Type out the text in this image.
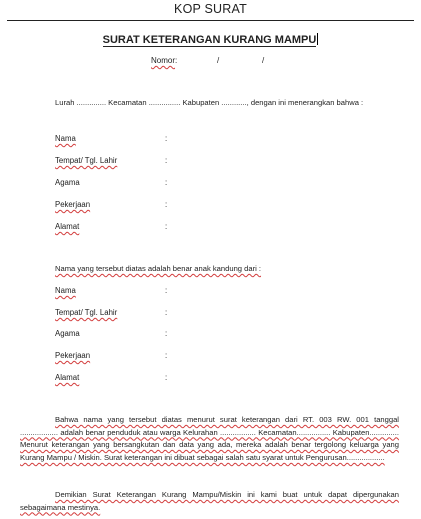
KOP SURAT
SURAT KETERANGAN KURANG MAMPU
Nomor:	/	/
Lurah .............. Kecamatan ............... Kabupaten ............, dengan ini menerangkan bahwa :
Nama	:
Tempat/ Tgl. Lahir	:
Agama	:
Pekerjaan	:
Alamat	:
Nama yang tersebut diatas adalah benar anak kandung dari :
Nama	:
Tempat/ Tgl. Lahir	:
Agama	:
Pekerjaan	:
Alamat	:
Bahwa nama yang tersebut diatas menurut surat keterangan dari RT. 003 RW. 001 tanggal .................. adalah benar penduduk atau warga Kelurahan ................. Kecamatan................ Kabupaten.............. Menurut keterangan yang bersangkutan dan data yang ada, mereka adalah benar tergolong keluarga yang Kurang Mampu / Miskin. Surat keterangan ini dibuat sebagai salah satu syarat untuk Pengurusan..................
Demikian Surat Keterangan Kurang Mampu/Miskin ini kami buat untuk dapat dipergunakan sebagaimana mestinya.
